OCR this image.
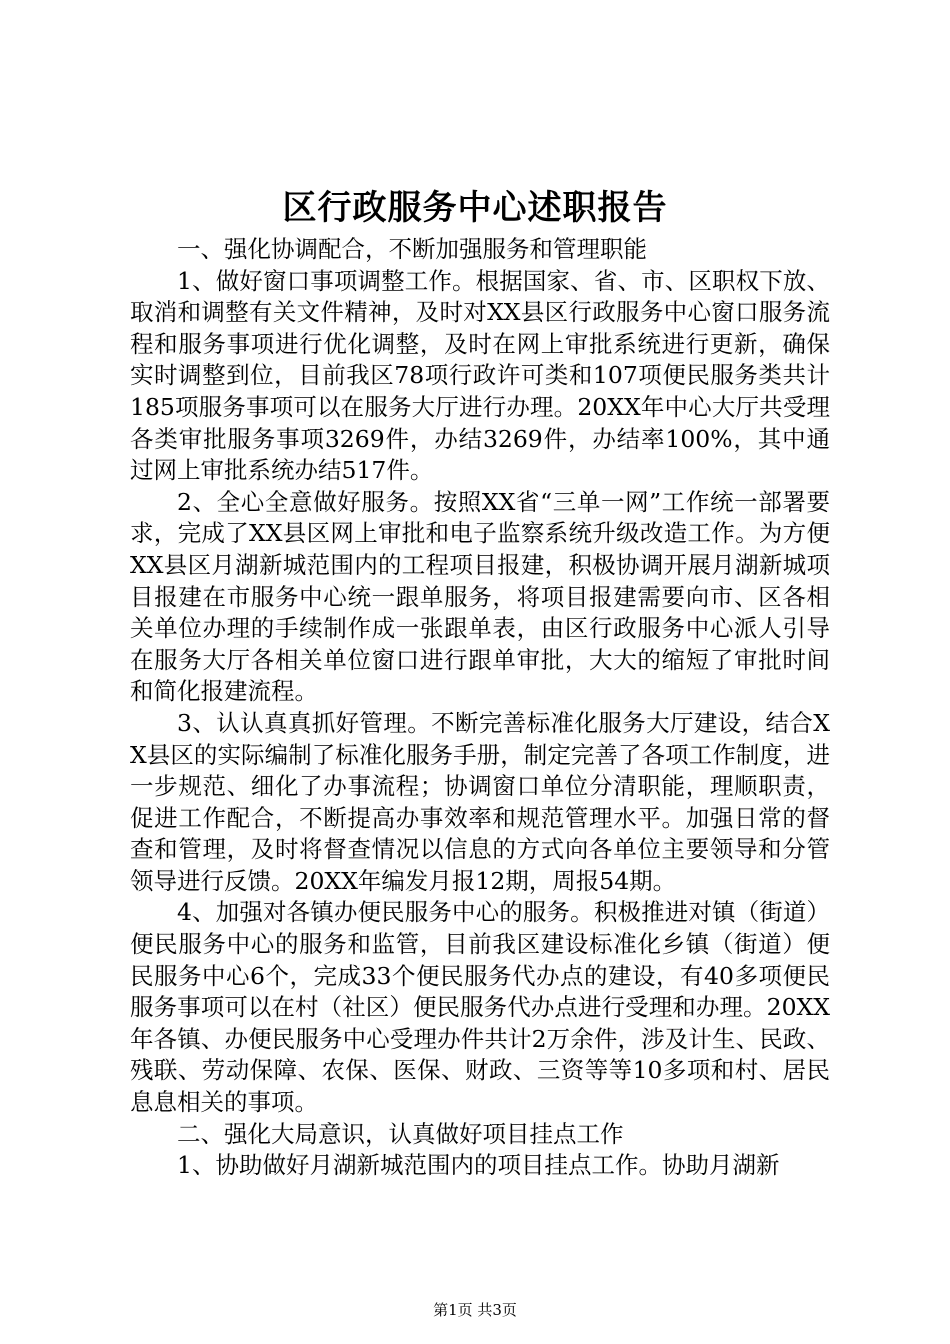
区行政服务中心述职报告

一、强化协调配合，不断加强服务和管理职能

1、做好窗口事项调整工作。根据国家、省、市、区职权下放、取消和调整有关文件精神，及时对XX县区行政服务中心窗口服务流程和服务事项进行优化调整，及时在网上审批系统进行更新，确保实时调整到位，目前我区78项行政许可类和107项便民服务类共计185项服务事项可以在服务大厅进行办理。20XX年中心大厅共受理各类审批服务事项3269件，办结3269件，办结率100%，其中通过网上审批系统办结517件。

2、全心全意做好服务。按照XX省“三单一网”工作统一部署要求，完成了XX县区网上审批和电子监察系统升级改造工作。为方便XX县区月湖新城范围内的工程项目报建，积极协调开展月湖新城项目报建在市服务中心统一跟单服务，将项目报建需要向市、区各相关单位办理的手续制作成一张跟单表，由区行政服务中心派人引导在服务大厅各相关单位窗口进行跟单审批，大大的缩短了审批时间和简化报建流程。

3、认认真真抓好管理。不断完善标准化服务大厅建设，结合XX县区的实际编制了标准化服务手册，制定完善了各项工作制度，进一步规范、细化了办事流程；协调窗口单位分清职能，理顺职责，促进工作配合，不断提高办事效率和规范管理水平。加强日常的督查和管理，及时将督查情况以信息的方式向各单位主要领导和分管领导进行反馈。20XX年编发月报12期，周报54期。

4、加强对各镇办便民服务中心的服务。积极推进对镇（街道）便民服务中心的服务和监管，目前我区建设标准化乡镇（街道）便民服务中心6个，完成33个便民服务代办点的建设，有40多项便民服务事项可以在村（社区）便民服务代办点进行受理和办理。20XX年各镇、办便民服务中心受理办件共计2万余件，涉及计生、民政、残联、劳动保障、农保、医保、财政、三资等等10多项和村、居民息息相关的事项。

二、强化大局意识，认真做好项目挂点工作

1、协助做好月湖新城范围内的项目挂点工作。协助月湖新

第1页 共3页
